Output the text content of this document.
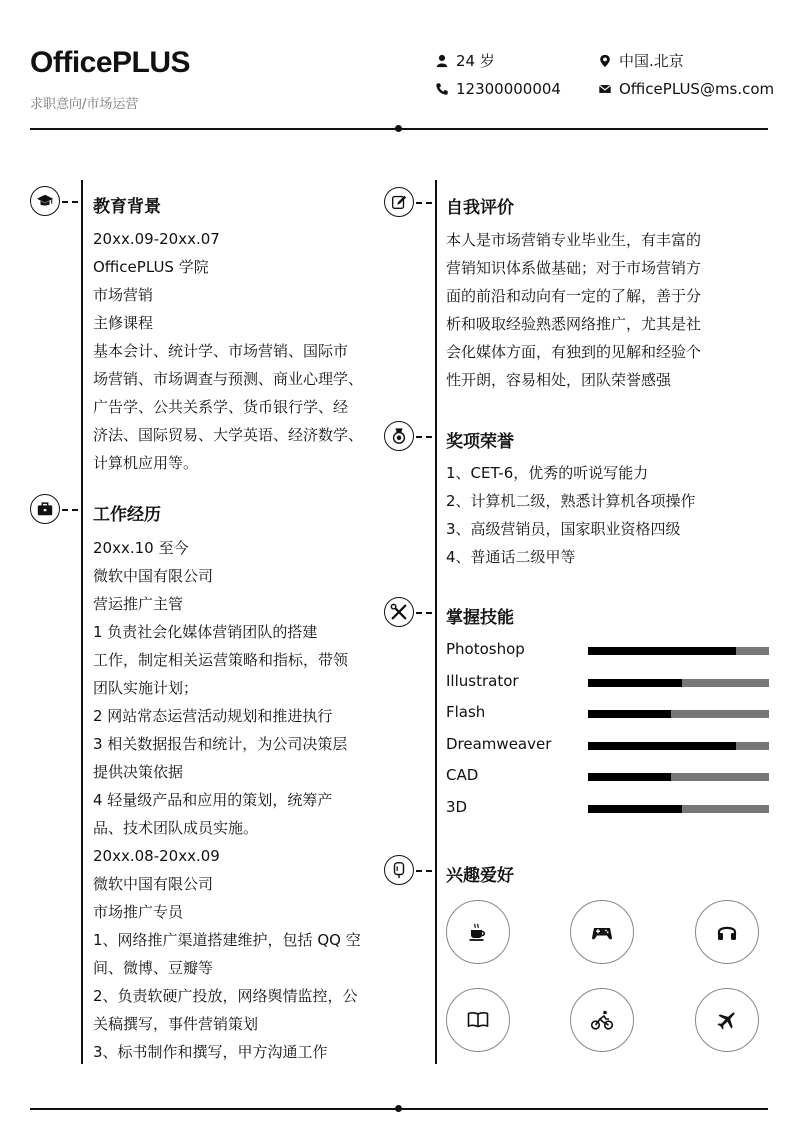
OfficePLUS
求职意向/市场运营
24 岁	中国.北京
12300000004	OfficePLUS@ms.com
教育背景
20xx.09-20xx.07
OfficePLUS 学院
市场营销
主修课程
基本会计、统计学、市场营销、国际市
场营销、市场调查与预测、商业心理学、
广告学、公共关系学、货币银行学、经
济法、国际贸易、大学英语、经济数学、
计算机应用等。
工作经历
20xx.10 至今
微软中国有限公司
营运推广主管
1 负责社会化媒体营销团队的搭建
工作，制定相关运营策略和指标，带领
团队实施计划；
2 网站常态运营活动规划和推进执行
3 相关数据报告和统计，为公司决策层
提供决策依据
4 轻量级产品和应用的策划，统筹产
品、技术团队成员实施。
20xx.08-20xx.09
微软中国有限公司
市场推广专员
1、网络推广渠道搭建维护，包括 QQ 空
间、微博、豆瓣等
2、负责软硬广投放，网络舆情监控，公
关稿撰写，事件营销策划
3、标书制作和撰写，甲方沟通工作
自我评价
本人是市场营销专业毕业生，有丰富的
营销知识体系做基础；对于市场营销方
面的前沿和动向有一定的了解，善于分
析和吸取经验熟悉网络推广，尤其是社
会化媒体方面，有独到的见解和经验个
性开朗，容易相处，团队荣誉感强
奖项荣誉
1、CET-6，优秀的听说写能力
2、计算机二级，熟悉计算机各项操作
3、高级营销员，国家职业资格四级
4、普通话二级甲等
掌握技能
Photoshop
Illustrator
Flash
Dreamweaver
CAD
3D
兴趣爱好
